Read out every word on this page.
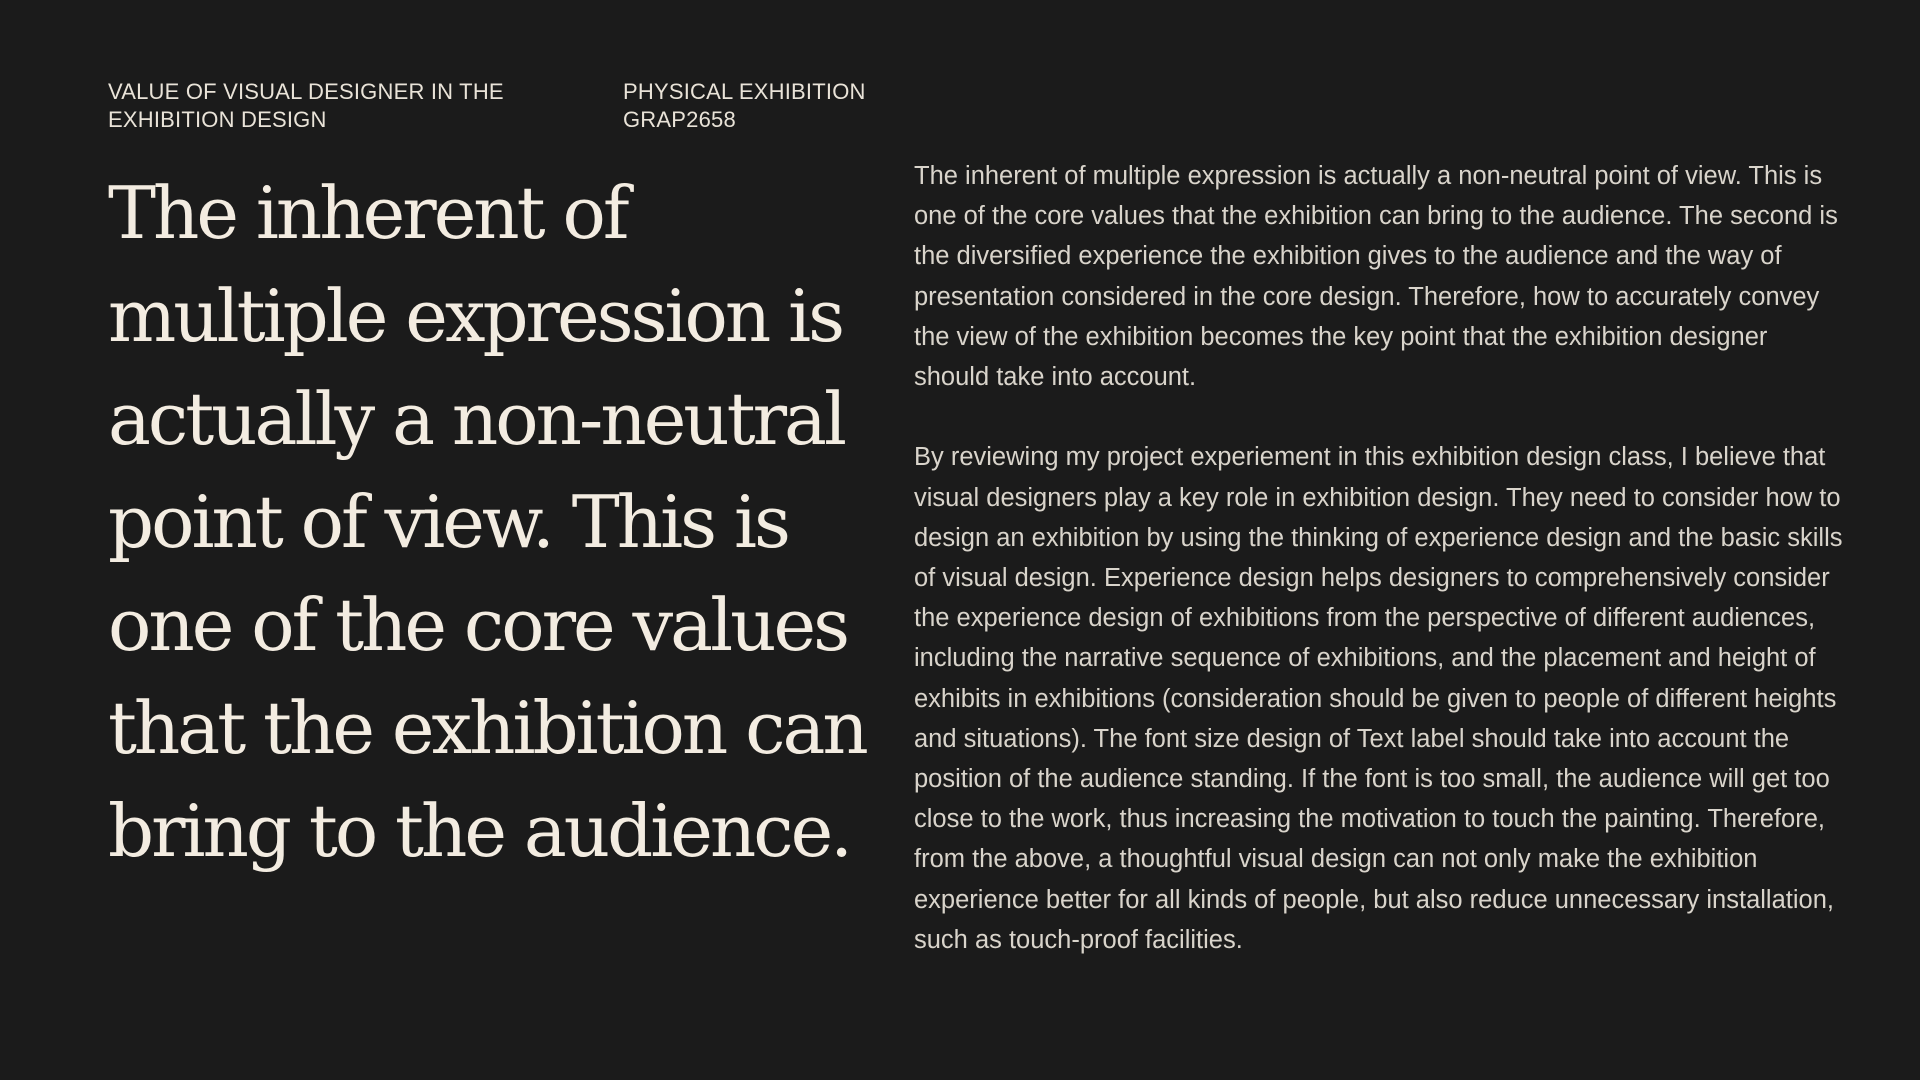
VALUE OF VISUAL DESIGNER IN THE
EXHIBITION DESIGN
PHYSICAL EXHIBITION
GRAP2658
The inherent of multiple expression is actually a non-neutral point of view. This is one of the core values that the exhibition can bring to the audience.

The inherent of multiple expression is actually a non-neutral point of view. This is one of the core values that the exhibition can bring to the audience. The second is the diversified experience the exhibition gives to the audience and the way of presentation considered in the core design. Therefore, how to accurately convey the view of the exhibition becomes the key point that the exhibition designer should take into account.

By reviewing my project experiement in this exhibition design class, I believe that visual designers play a key role in exhibition design. They need to consider how to design an exhibition by using the thinking of experience design and the basic skills of visual design. Experience design helps designers to comprehensively consider the experience design of exhibitions from the perspective of different audiences, including the narrative sequence of exhibitions, and the placement and height of exhibits in exhibitions (consideration should be given to people of different heights and situations). The font size design of Text label should take into account the position of the audience standing. If the font is too small, the audience will get too close to the work, thus increasing the motivation to touch the painting. Therefore, from the above, a thoughtful visual design can not only make the exhibition experience better for all kinds of people, but also reduce unnecessary installation, such as touch-proof facilities.
